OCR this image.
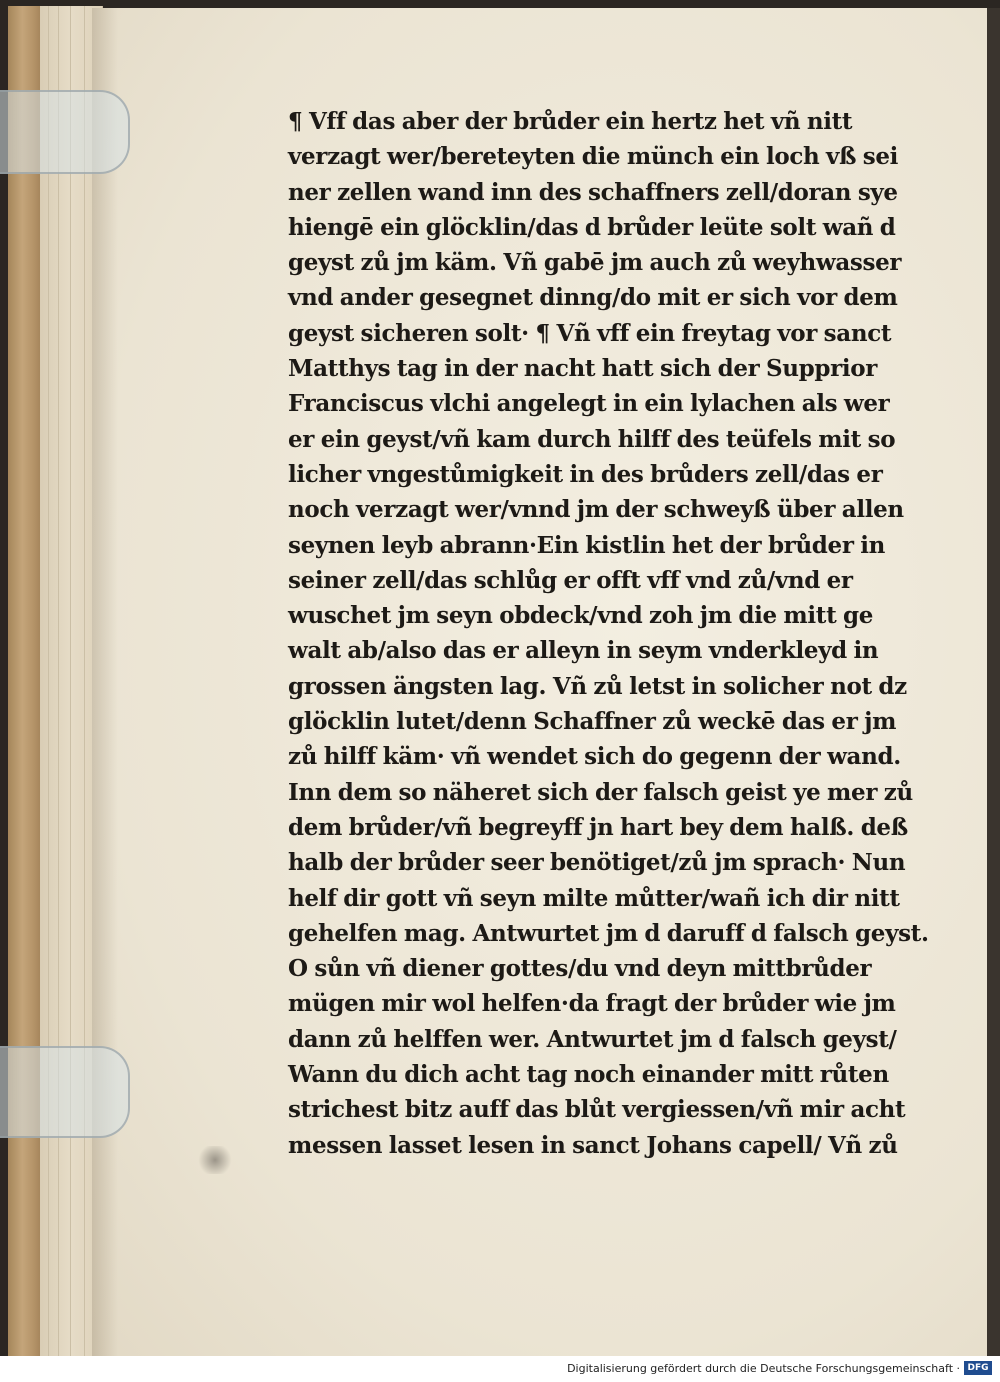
¶ Vff das aber der brůder ein hertz het vñ nitt
verzagt wer/bereteyten die münch ein loch vß sei
ner zellen wand inn des schaffners zell/doran sye
hiengē ein glöcklin/das d brůder leüte solt wañ d
geyst zů jm käm. Vñ gabē jm auch zů weyhwasser
vnd ander gesegnet dinng/do mit er sich vor dem
geyst sicheren solt· ¶ Vñ vff ein freytag vor sanct
Matthys tag in der nacht hatt sich der Supprior
Franciscus vlchi angelegt in ein lylachen als wer
er ein geyst/vñ kam durch hilff des teüfels mit so
licher vngestůmigkeit in des brůders zell/das er
noch verzagt wer/vnnd jm der schweyß über allen
seynen leyb abrann·Ein kistlin het der brůder in
seiner zell/das schlůg er offt vff vnd zů/vnd er
wuschet jm seyn obdeck/vnd zoh jm die mitt ge
walt ab/also das er alleyn in seym vnderkleyd in
grossen ängsten lag. Vñ zů letst in solicher not dz
glöcklin lutet/denn Schaffner zů weckē das er jm
zů hilff käm· vñ wendet sich do gegenn der wand.
Inn dem so näheret sich der falsch geist ye mer zů
dem brůder/vñ begreyff jn hart bey dem halß. deß
halb der brůder seer benötiget/zů jm sprach· Nun
helf dir gott vñ seyn milte můtter/wañ ich dir nitt
gehelfen mag. Antwurtet jm d daruff d falsch geyst.
O sůn vñ diener gottes/du vnd deyn mittbrůder
mügen mir wol helfen·da fragt der brůder wie jm
dann zů helffen wer. Antwurtet jm d falsch geyst/
Wann du dich acht tag noch einander mitt růten
strichest bitz auff das blůt vergiessen/vñ mir acht
messen lasset lesen in sanct Johans capell/ Vñ zů
Digitalisierung gefördert durch die Deutsche Forschungsgemeinschaft · DFG
